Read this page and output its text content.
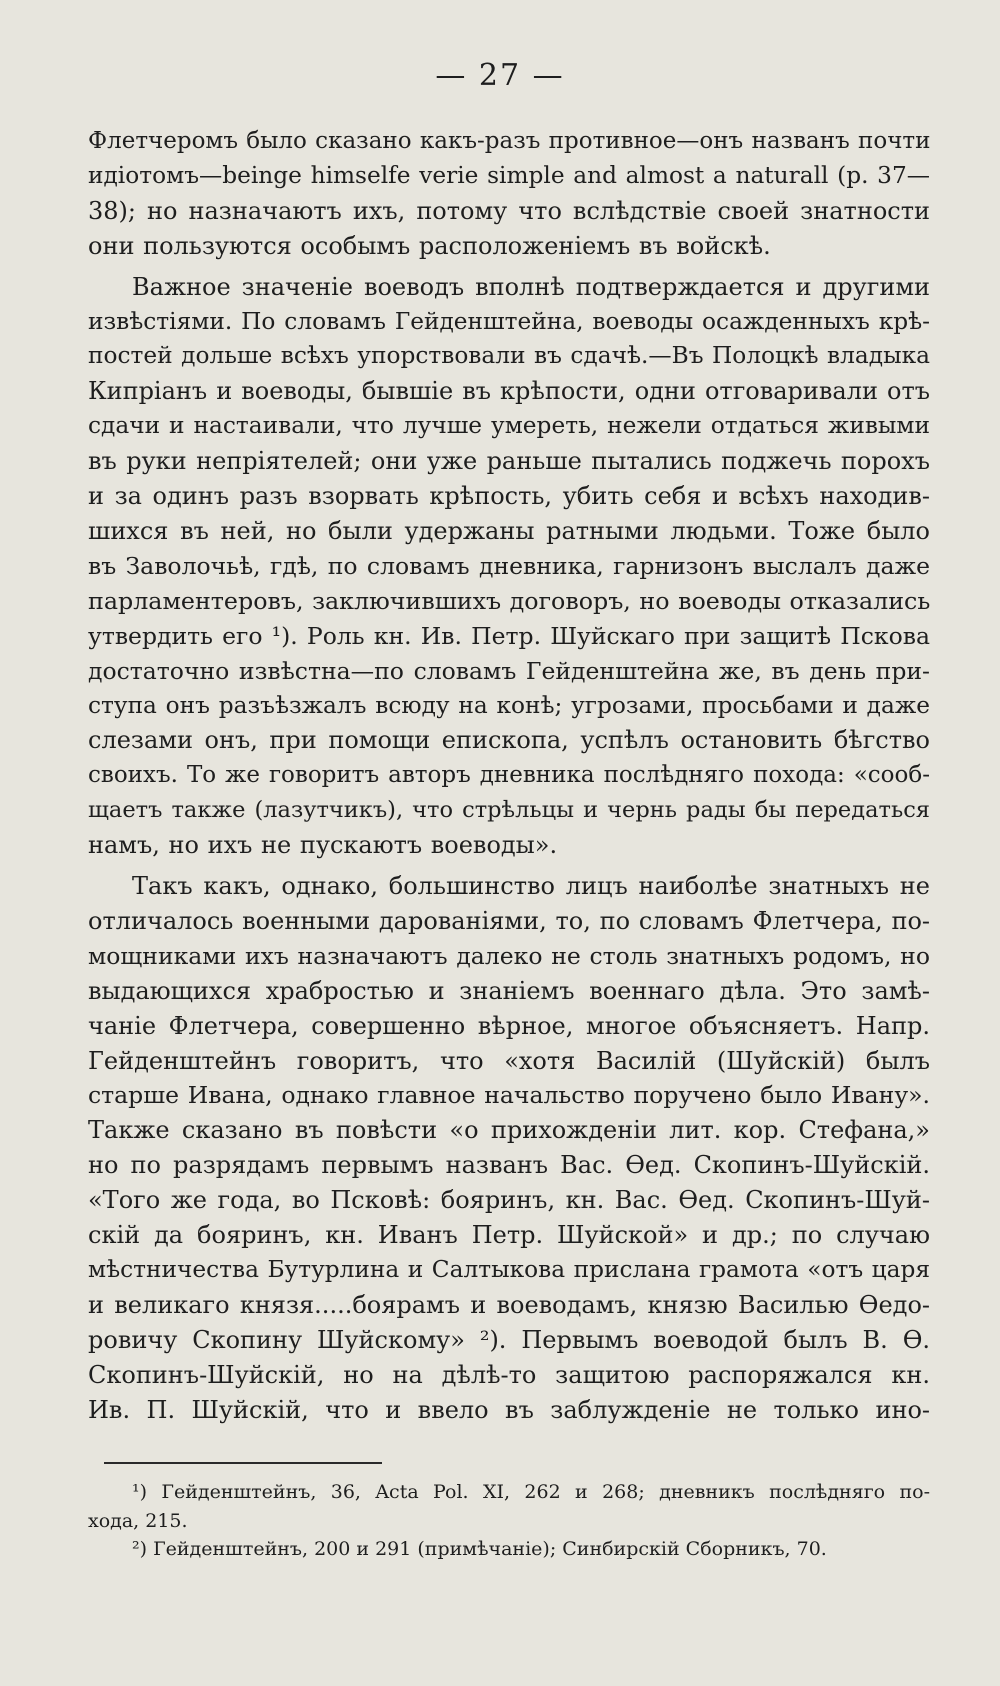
— 27 —

Флетчеромъ было сказано какъ-разъ противное—онъ названъ почти
идіотомъ—beinge himselfe verie simple and almost a naturall (p. 37—
38); но назначаютъ ихъ, потому что вслѣдствіе своей знатности
они пользуются особымъ расположеніемъ въ войскѣ.

Важное значеніе воеводъ вполнѣ подтверждается и другими
извѣстіями. По словамъ Гейденштейна, воеводы осажденныхъ крѣ-
постей дольше всѣхъ упорствовали въ сдачѣ.—Въ Полоцкѣ владыка
Кипріанъ и воеводы, бывшіе въ крѣпости, одни отговаривали отъ
сдачи и настаивали, что лучше умереть, нежели отдаться живыми
въ руки непріятелей; они уже раньше пытались поджечь порохъ
и за одинъ разъ взорвать крѣпость, убить себя и всѣхъ находив-
шихся въ ней, но были удержаны ратными людьми. Тоже было
въ Заволочьѣ, гдѣ, по словамъ дневника, гарнизонъ выслалъ даже
парламентеровъ, заключившихъ договоръ, но воеводы отказались
утвердить его ¹). Роль кн. Ив. Петр. Шуйскаго при защитѣ Пскова
достаточно извѣстна—по словамъ Гейденштейна же, въ день при-
ступа онъ разъѣзжалъ всюду на конѣ; угрозами, просьбами и даже
слезами онъ, при помощи епископа, успѣлъ остановить бѣгство
своихъ. То же говоритъ авторъ дневника послѣдняго похода: «сооб-
щаетъ также (лазутчикъ), что стрѣльцы и чернь рады бы передаться
намъ, но ихъ не пускаютъ воеводы».

Такъ какъ, однако, большинство лицъ наиболѣе знатныхъ не
отличалось военными дарованіями, то, по словамъ Флетчера, по-
мощниками ихъ назначаютъ далеко не столь знатныхъ родомъ, но
выдающихся храбростью и знаніемъ военнаго дѣла. Это замѣ-
чаніе Флетчера, совершенно вѣрное, многое объясняетъ. Напр.
Гейденштейнъ говоритъ, что «хотя Василій (Шуйскій) былъ
старше Ивана, однако главное начальство поручено было Ивану».
Также сказано въ повѣсти «о прихожденіи лит. кор. Стефана,»
но по разрядамъ первымъ названъ Вас. Ѳед. Скопинъ-Шуйскій.
«Того же года, во Псковѣ: бояринъ, кн. Вас. Ѳед. Скопинъ-Шуй-
скій да бояринъ, кн. Иванъ Петр. Шуйской» и др.; по случаю
мѣстничества Бутурлина и Салтыкова прислана грамота «отъ царя
и великаго князя.....боярамъ и воеводамъ, князю Василью Ѳедо-
ровичу Скопину Шуйскому» ²). Первымъ воеводой былъ В. Ѳ.
Скопинъ-Шуйскій, но на дѣлѣ-то защитою распоряжался кн.
Ив. П. Шуйскій, что и ввело въ заблужденіе не только ино-

¹) Гейденштейнъ, 36, Acta Pol. XI, 262 и 268; дневникъ послѣдняго по-
хода, 215.
²) Гейденштейнъ, 200 и 291 (примѣчаніе); Синбирскій Сборникъ, 70.
